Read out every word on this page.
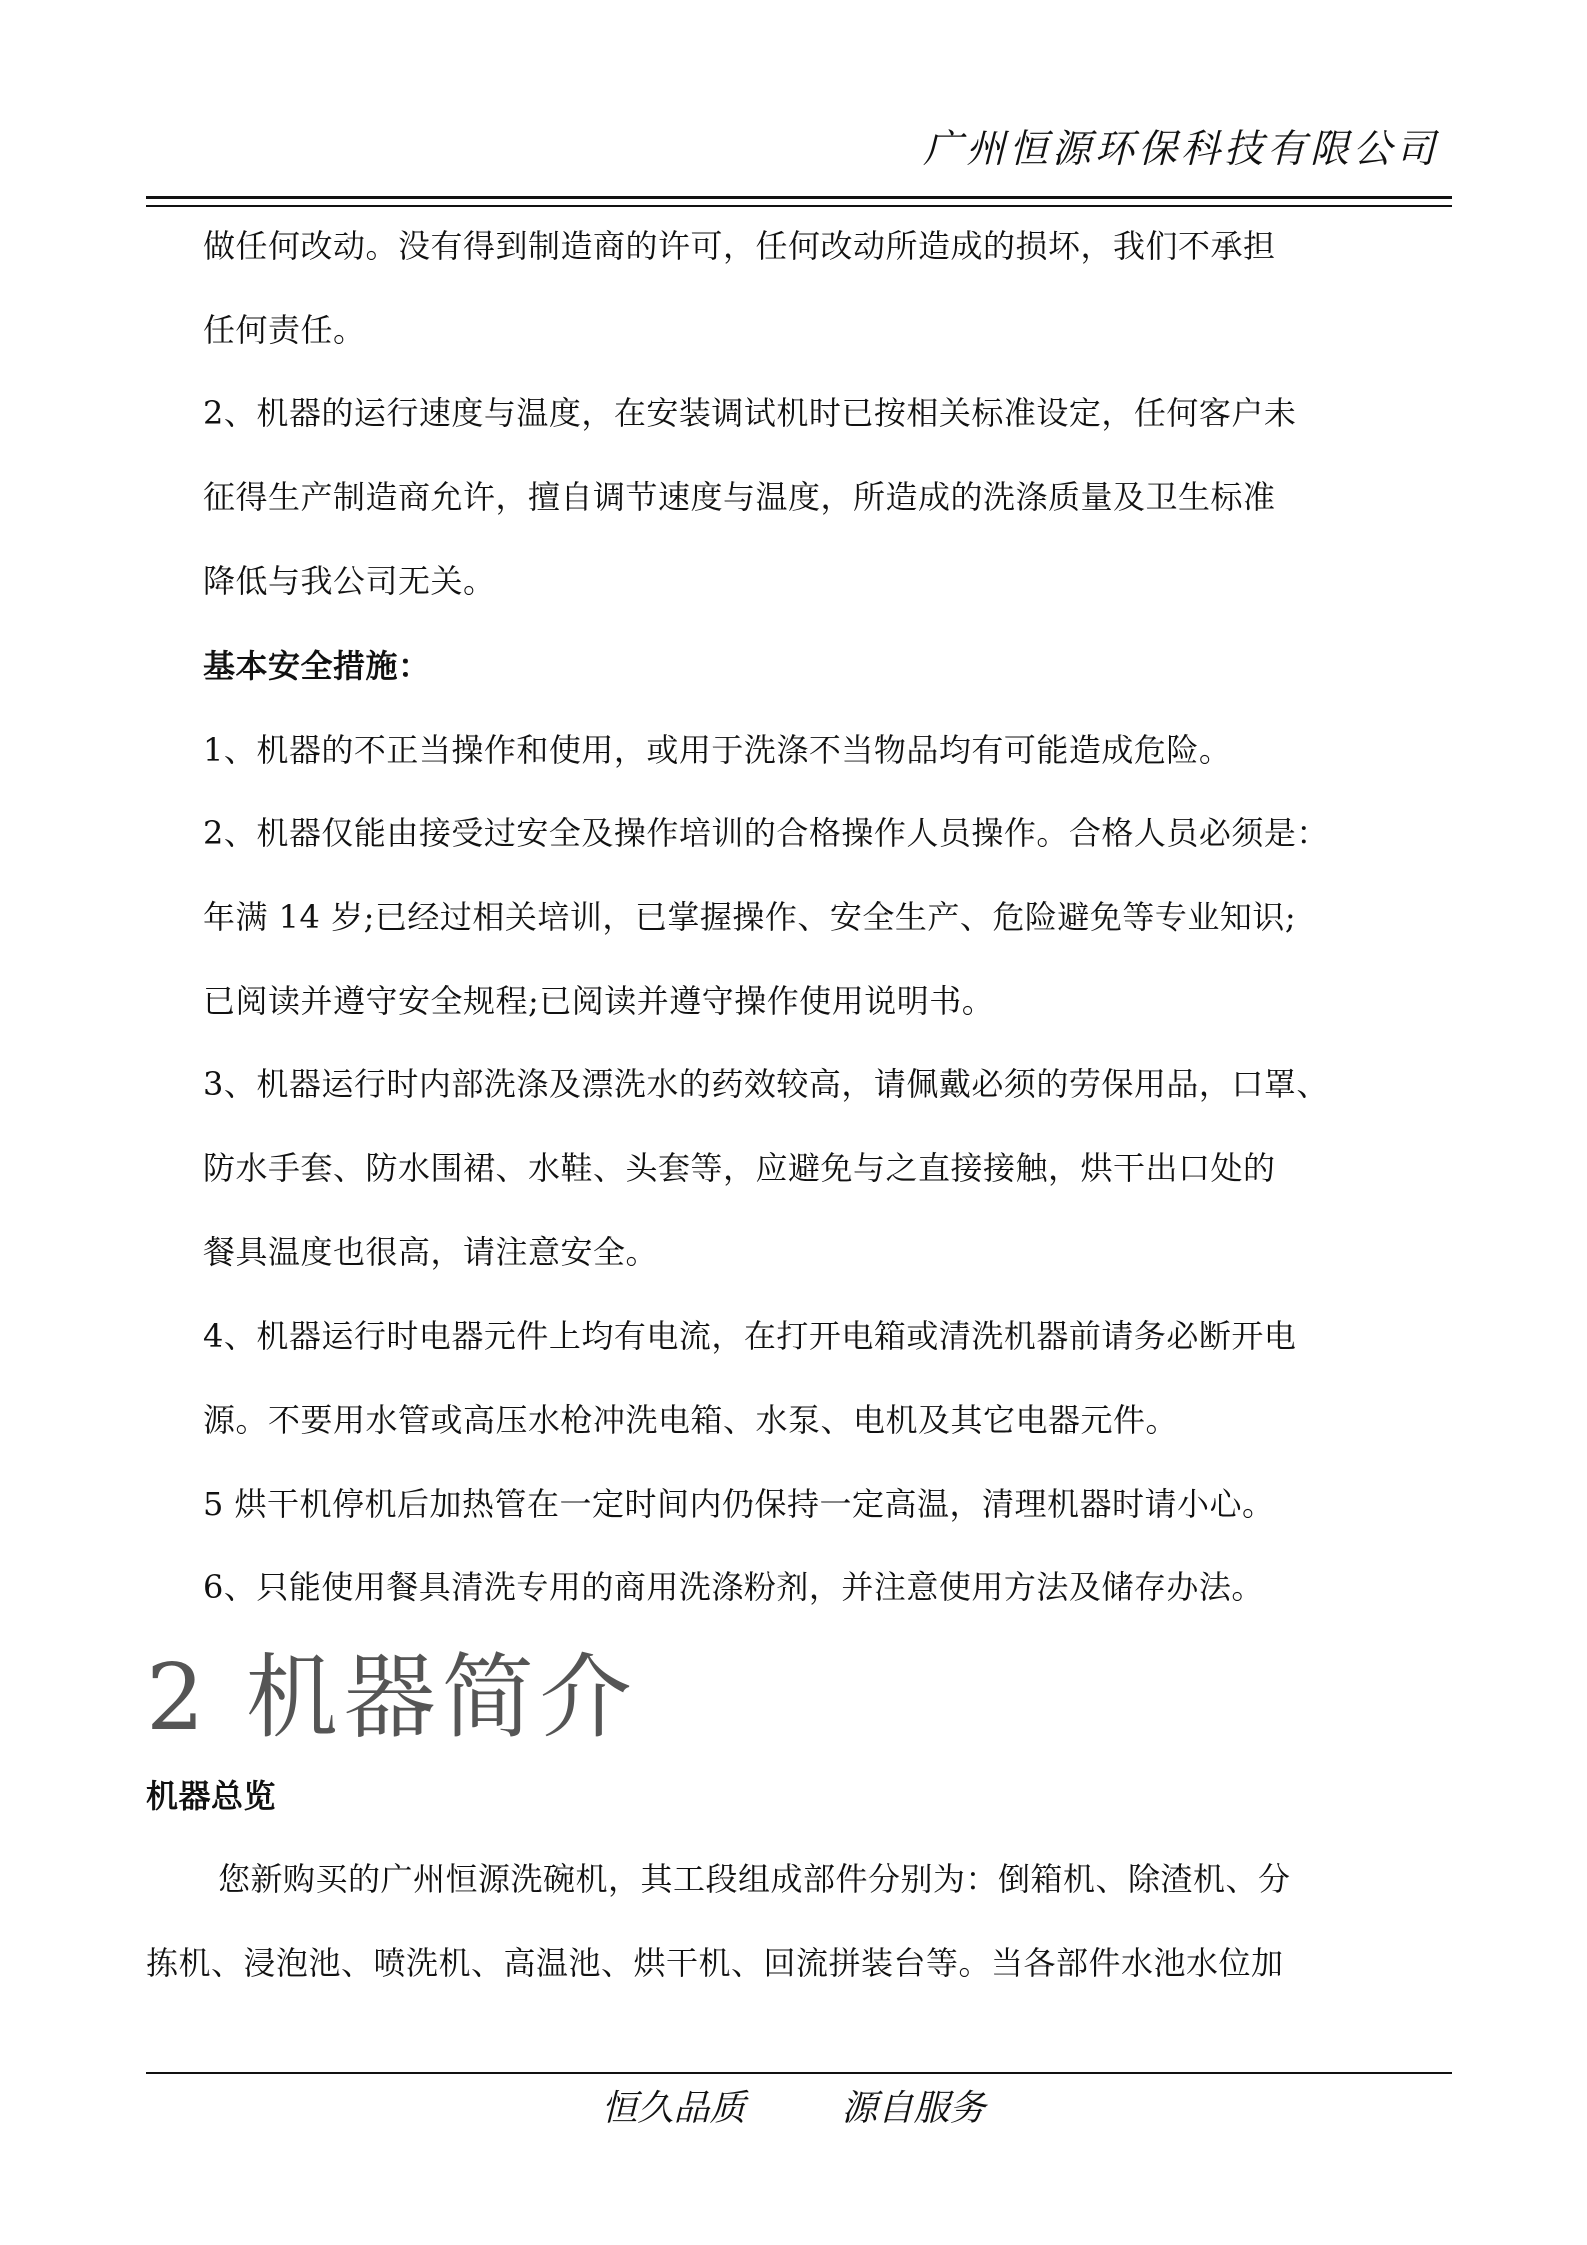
广州恒源环保科技有限公司
做任何改动。没有得到制造商的许可，任何改动所造成的损坏，我们不承担
任何责任。
2、机器的运行速度与温度，在安装调试机时已按相关标准设定，任何客户未
征得生产制造商允许，擅自调节速度与温度，所造成的洗涤质量及卫生标准
降低与我公司无关。
基本安全措施：
1、机器的不正当操作和使用，或用于洗涤不当物品均有可能造成危险。
2、机器仅能由接受过安全及操作培训的合格操作人员操作。合格人员必须是：
年满 14 岁;已经过相关培训，已掌握操作、安全生产、危险避免等专业知识;
已阅读并遵守安全规程;已阅读并遵守操作使用说明书。
3、机器运行时内部洗涤及漂洗水的药效较高，请佩戴必须的劳保用品，口罩、
防水手套、防水围裙、水鞋、头套等，应避免与之直接接触，烘干出口处的
餐具温度也很高，请注意安全。
4、机器运行时电器元件上均有电流，在打开电箱或清洗机器前请务必断开电
源。不要用水管或高压水枪冲洗电箱、水泵、电机及其它电器元件。
5 烘干机停机后加热管在一定时间内仍保持一定高温，清理机器时请小心。
6、只能使用餐具清洗专用的商用洗涤粉剂，并注意使用方法及储存办法。
2 机器简介
机器总览
您新购买的广州恒源洗碗机，其工段组成部件分别为：倒箱机、除渣机、分
拣机、浸泡池、喷洗机、高温池、烘干机、回流拼装台等。当各部件水池水位加
恒久品质	源自服务
